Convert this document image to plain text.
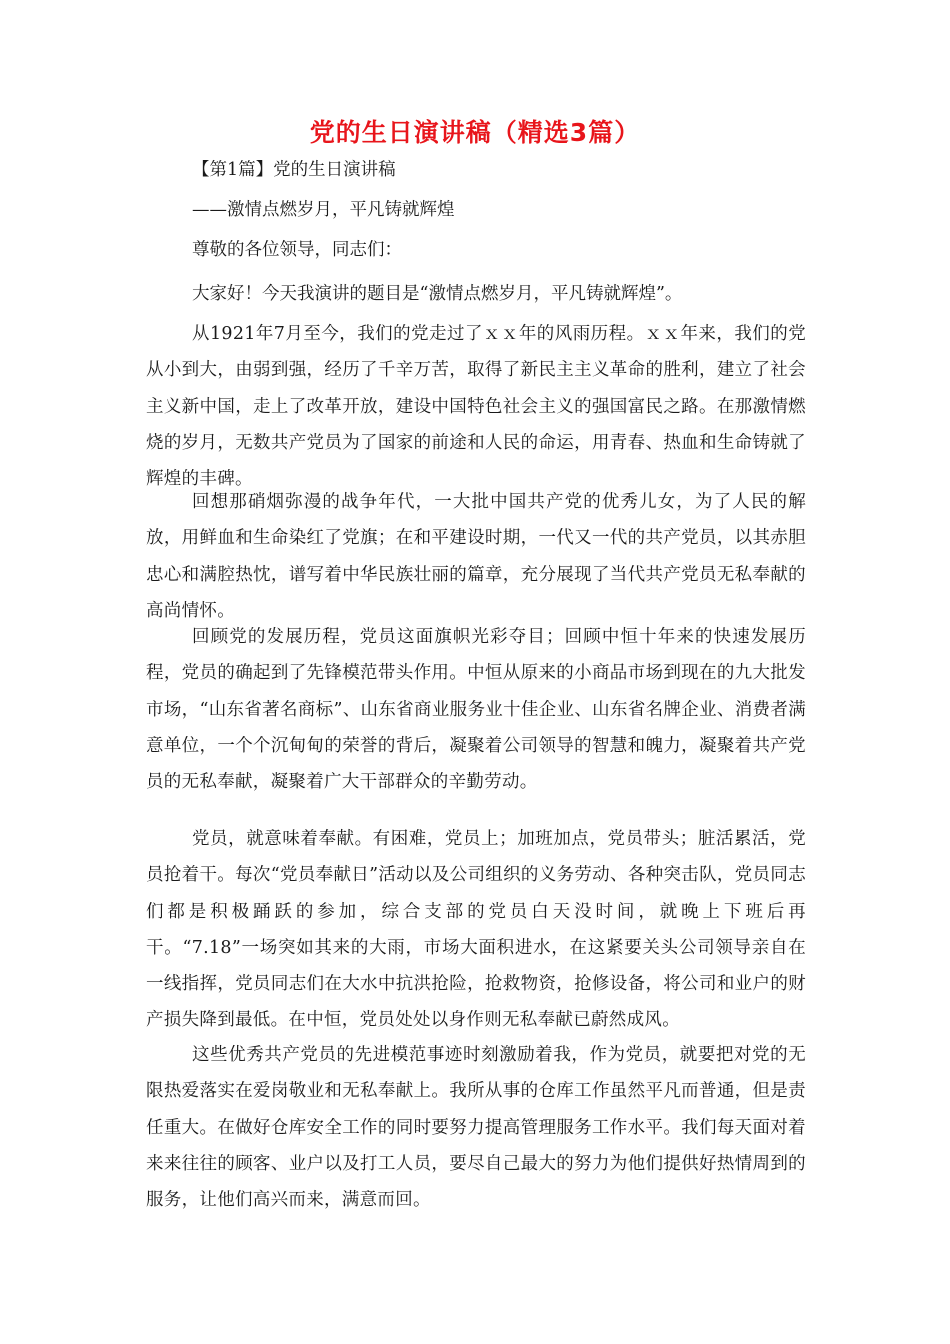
党的生日演讲稿（精选3篇）

【第1篇】党的生日演讲稿

——激情点燃岁月，平凡铸就辉煌

尊敬的各位领导，同志们：

大家好！今天我演讲的题目是“激情点燃岁月，平凡铸就辉煌”。

从1921年7月至今，我们的党走过了ｘｘ年的风雨历程。ｘｘ年来，我们的党从小到大，由弱到强，经历了千辛万苦，取得了新民主主义革命的胜利，建立了社会主义新中国，走上了改革开放，建设中国特色社会主义的强国富民之路。在那激情燃烧的岁月，无数共产党员为了国家的前途和人民的命运，用青春、热血和生命铸就了辉煌的丰碑。

回想那硝烟弥漫的战争年代，一大批中国共产党的优秀儿女，为了人民的解放，用鲜血和生命染红了党旗；在和平建设时期，一代又一代的共产党员，以其赤胆忠心和满腔热忱，谱写着中华民族壮丽的篇章，充分展现了当代共产党员无私奉献的高尚情怀。

回顾党的发展历程，党员这面旗帜光彩夺目；回顾中恒十年来的快速发展历程，党员的确起到了先锋模范带头作用。中恒从原来的小商品市场到现在的九大批发市场，“山东省著名商标”、山东省商业服务业十佳企业、山东省名牌企业、消费者满意单位，一个个沉甸甸的荣誉的背后，凝聚着公司领导的智慧和魄力，凝聚着共产党员的无私奉献，凝聚着广大干部群众的辛勤劳动。

党员，就意味着奉献。有困难，党员上；加班加点，党员带头；脏活累活，党员抢着干。每次“党员奉献日”活动以及公司组织的义务劳动、各种突击队，党员同志们都是积极踊跃的参加，综合支部的党员白天没时间，就晚上下班后再干。“7.18”一场突如其来的大雨，市场大面积进水，在这紧要关头公司领导亲自在一线指挥，党员同志们在大水中抗洪抢险，抢救物资，抢修设备，将公司和业户的财产损失降到最低。在中恒，党员处处以身作则无私奉献已蔚然成风。

这些优秀共产党员的先进模范事迹时刻激励着我，作为党员，就要把对党的无限热爱落实在爱岗敬业和无私奉献上。我所从事的仓库工作虽然平凡而普通，但是责任重大。在做好仓库安全工作的同时要努力提高管理服务工作水平。我们每天面对着来来往往的顾客、业户以及打工人员，要尽自己最大的努力为他们提供好热情周到的服务，让他们高兴而来，满意而回。
